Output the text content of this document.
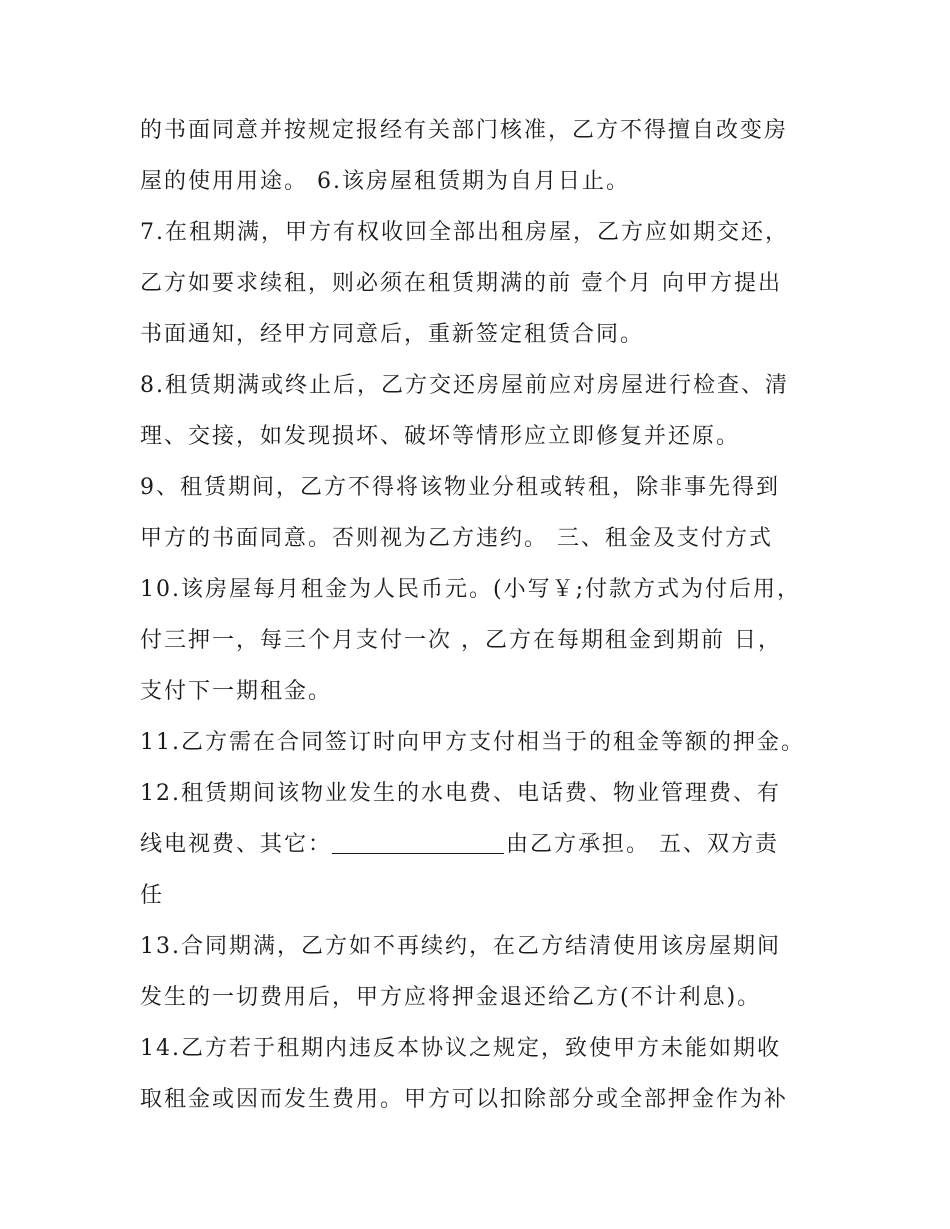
的书面同意并按规定报经有关部门核准，乙方不得擅自改变房
屋的使用用途。 6.该房屋租赁期为自月日止。
7.在租期满，甲方有权收回全部出租房屋，乙方应如期交还，
乙方如要求续租，则必须在租赁期满的前 壹个月 向甲方提出
书面通知，经甲方同意后，重新签定租赁合同。
8.租赁期满或终止后，乙方交还房屋前应对房屋进行检查、清
理、交接，如发现损坏、破坏等情形应立即修复并还原。
9、租赁期间，乙方不得将该物业分租或转租，除非事先得到
甲方的书面同意。否则视为乙方违约。 三、租金及支付方式
10.该房屋每月租金为人民币元。(小写￥;付款方式为付后用，
付三押一，每三个月支付一次 ，乙方在每期租金到期前 日，
支付下一期租金。
11.乙方需在合同签订时向甲方支付相当于的租金等额的押金。
12.租赁期间该物业发生的水电费、电话费、物业管理费、有
线电视费、其它：	由乙方承担。 五、双方责
任
13.合同期满，乙方如不再续约，在乙方结清使用该房屋期间
发生的一切费用后，甲方应将押金退还给乙方(不计利息)。
14.乙方若于租期内违反本协议之规定，致使甲方未能如期收
取租金或因而发生费用。甲方可以扣除部分或全部押金作为补
